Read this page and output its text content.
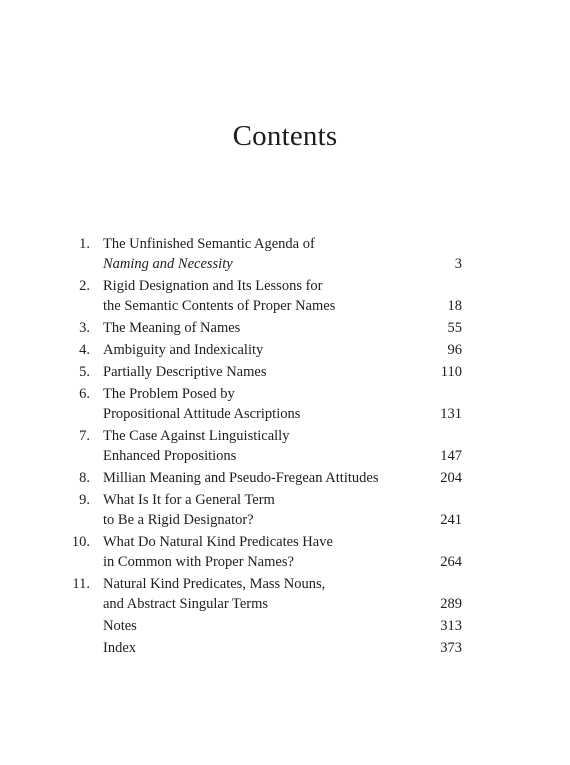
Contents
1. The Unfinished Semantic Agenda of
Naming and Necessity	3
2. Rigid Designation and Its Lessons for
the Semantic Contents of Proper Names	18
3. The Meaning of Names	55
4. Ambiguity and Indexicality	96
5. Partially Descriptive Names	110
6. The Problem Posed by
Propositional Attitude Ascriptions	131
7. The Case Against Linguistically
Enhanced Propositions	147
8. Millian Meaning and Pseudo-Fregean Attitudes	204
9. What Is It for a General Term
to Be a Rigid Designator?	241
10. What Do Natural Kind Predicates Have
in Common with Proper Names?	264
11. Natural Kind Predicates, Mass Nouns,
and Abstract Singular Terms	289
Notes	313
Index	373
